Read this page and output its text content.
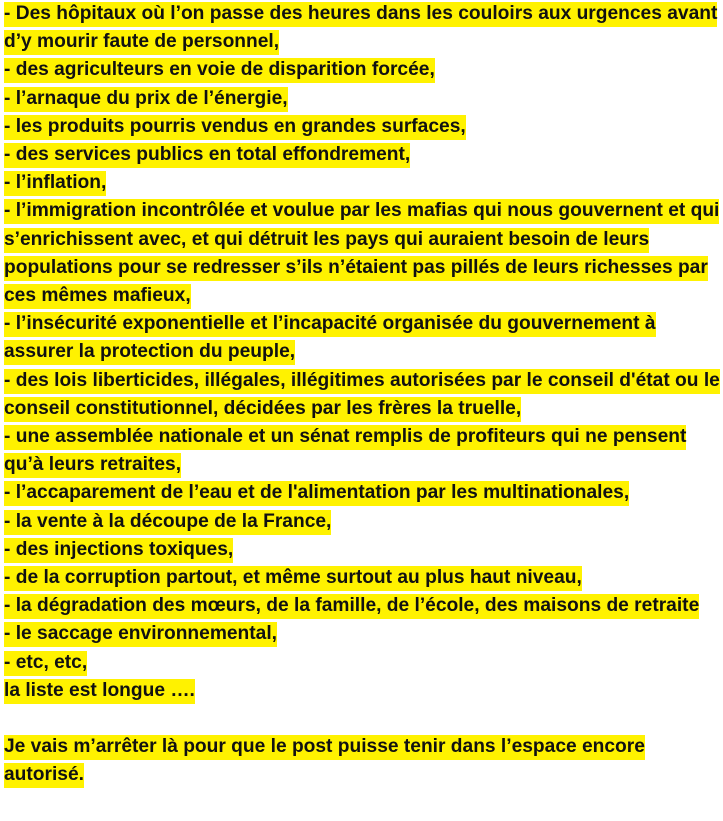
- Des hôpitaux où l’on passe des heures dans les couloirs aux urgences avant d’y mourir faute de personnel,
- des agriculteurs en voie de disparition forcée,
- l’arnaque du prix de l’énergie,
- les produits pourris vendus en grandes surfaces,
- des services publics en total effondrement,
- l’inflation,
- l’immigration incontrôlée et voulue par les mafias qui nous gouvernent et qui s’enrichissent avec, et qui détruit les pays qui auraient besoin de leurs populations pour se redresser s’ils n’étaient pas pillés de leurs richesses par ces mêmes mafieux,
- l’insécurité exponentielle et l’incapacité organisée du gouvernement à assurer la protection du peuple,
- des lois liberticides, illégales, illégitimes autorisées par le conseil d'état ou le conseil constitutionnel, décidées par les frères la truelle,
- une assemblée nationale et un sénat remplis de profiteurs qui ne pensent qu’à leurs retraites,
- l’accaparement de l’eau et de l'alimentation par les multinationales,
- la vente à la découpe de la France,
- des injections toxiques,
- de la corruption partout, et même surtout au plus haut niveau,
- la dégradation des mœurs, de la famille, de l’école, des maisons de retraite
- le saccage environnemental,
- etc, etc,
la liste est longue ….
Je vais m’arrêter là pour que le post puisse tenir dans l’espace encore autorisé.
